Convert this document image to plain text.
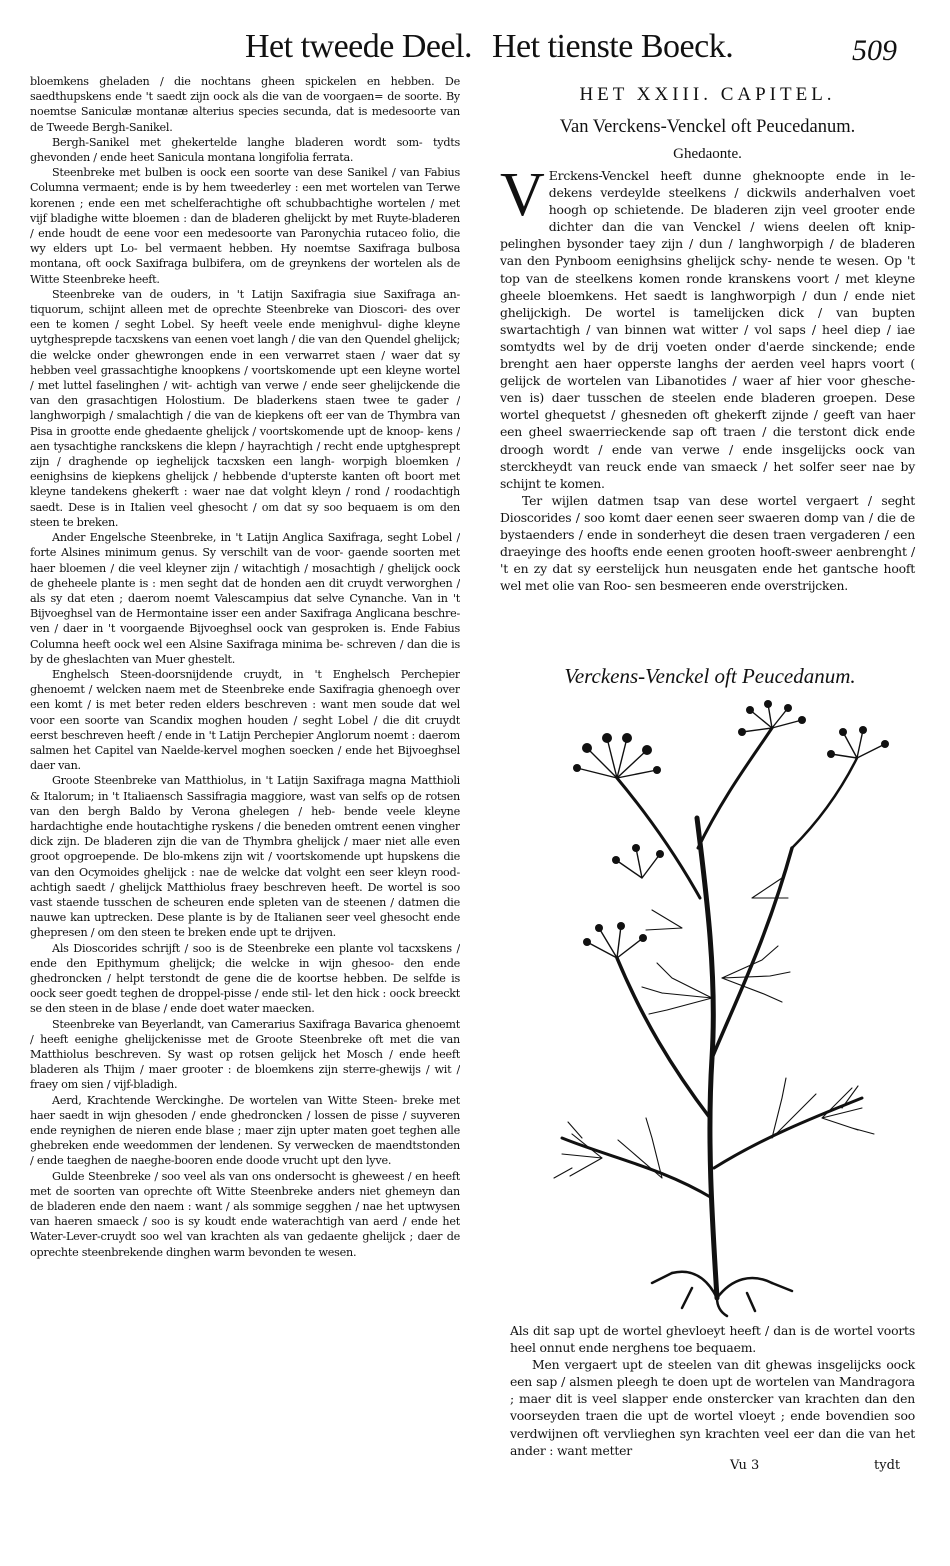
Het tweede Deel. Het tienste Boeck.	509

bloemkens gheladen / die nochtans gheen spickelen en hebben. De saedthupskens ende 't saedt zijn oock als die van de voorgaen= de soorte. By noemtse Saniculæ montanæ alterius species secunda, dat is medesoorte van de Tweede Bergh-Sanikel.

Bergh-Sanikel met ghekertelde langhe bladeren wordt som- tydts ghevonden / ende heet Sanicula montana longifolia ferrata.

Steenbreke met bulben is oock een soorte van dese Sanikel / van Fabius Columna vermaent; ende is by hem tweederley : een met wortelen van Terwe korenen ; ende een met schelferachtighe oft schubbachtighe wortelen / met vijf bladighe witte bloemen : dan de bladeren ghelijckt by met Ruyte-bladeren / ende houdt de eene voor een medesoorte van Paronychia rutaceo folio, die wy elders upt Lo- bel vermaent hebben. Hy noemtse Saxifraga bulbosa montana, oft oock Saxifraga bulbifera, om de greynkens der wortelen als de Witte Steenbreke heeft.

Steenbreke van de ouders, in 't Latijn Saxifragia siue Saxifraga an- tiquorum, schijnt alleen met de oprechte Steenbreke van Dioscori- des over een te komen / seght Lobel. Sy heeft veele ende menighvul- dighe kleyne uytghesprepde tacxskens van eenen voet langh / die van den Quendel ghelijck; die welcke onder ghewrongen ende in een verwarret staen / waer dat sy hebben veel grassachtighe knoopkens / voortskomende upt een kleyne wortel / met luttel faselinghen / wit- achtigh van verwe / ende seer ghelijckende die van den grasachtigen Holostium. De bladerkens staen twee te gader / langhworpigh / smalachtigh / die van de kiepkens oft eer van de Thymbra van Pisa in grootte ende ghedaente ghelijck / voortskomende upt de knoop- kens / aen tysachtighe ranckskens die klepn / hayrachtigh / recht ende uptghesprept zijn / draghende op ieghelijck tacxsken een langh- worpigh bloemken / eenighsins de kiepkens ghelijck / hebbende d'upterste kanten oft boort met kleyne tandekens ghekerft : waer nae dat volght kleyn / rond / roodachtigh saedt. Dese is in Italien veel ghesocht / om dat sy soo bequaem is om den steen te breken.

Ander Engelsche Steenbreke, in 't Latijn Anglica Saxifraga, seght Lobel / forte Alsines minimum genus. Sy verschilt van de voor- gaende soorten met haer bloemen / die veel kleyner zijn / witachtigh / mosachtigh / ghelijck oock de gheheele plante is : men seght dat de honden aen dit cruydt verworghen / als sy dat eten ; daerom noemt Valescampius dat selve Cynanche. Van in 't Bijvoeghsel van de Hermontaine isser een ander Saxifraga Anglicana beschre- ven / daer in 't voorgaende Bijvoeghsel oock van gesproken is. Ende Fabius Columna heeft oock wel een Alsine Saxifraga minima be- schreven / dan die is by de gheslachten van Muer ghestelt.

Enghelsch Steen-doorsnijdende cruydt, in 't Enghelsch Perchepier ghenoemt / welcken naem met de Steenbreke ende Saxifragia ghenoegh over een komt / is met beter reden elders beschreven : want men soude dat wel voor een soorte van Scandix moghen houden / seght Lobel / die dit cruydt eerst beschreven heeft / ende in 't Latijn Perchepier Anglorum noemt : daerom salmen het Capitel van Naelde-kervel moghen soecken / ende het Bijvoeghsel daer van.

Groote Steenbreke van Matthiolus, in 't Latijn Saxifraga magna Matthioli & Italorum; in 't Italiaensch Sassifragia maggiore, wast van selfs op de rotsen van den bergh Baldo by Verona ghelegen / heb- bende veele kleyne hardachtighe ende houtachtighe ryskens / die beneden omtrent eenen vingher dick zijn. De bladeren zijn die van de Thymbra ghelijck / maer niet alle even groot opgroepende. De blo-mkens zijn wit / voortskomende upt hupskens die van den Ocymoides ghelijck : nae de welcke dat volght een seer kleyn rood- achtigh saedt / ghelijck Matthiolus fraey beschreven heeft. De wortel is soo vast staende tusschen de scheuren ende spleten van de steenen / datmen die nauwe kan uptrecken. Dese plante is by de Italianen seer veel ghesocht ende ghepresen / om den steen te breken ende upt te drijven.

Als Dioscorides schrijft / soo is de Steenbreke een plante vol tacxskens / ende den Epithymum ghelijck; die welcke in wijn ghesoo- den ende ghedroncken / helpt terstondt de gene die de koortse hebben. De selfde is oock seer goedt teghen de droppel-pisse / ende stil- let den hick : oock breeckt se den steen in de blase / ende doet water maecken.

Steenbreke van Beyerlandt, van Camerarius Saxifraga Bavarica ghenoemt / heeft eenighe ghelijckenisse met de Groote Steenbreke oft met die van Matthiolus beschreven. Sy wast op rotsen gelijck het Mosch / ende heeft bladeren als Thijm / maer grooter : de bloemkens zijn sterre-ghewijs / wit / fraey om sien / vijf-bladigh.

Aerd, Krachtende Werckinghe. De wortelen van Witte Steen- breke met haer saedt in wijn ghesoden / ende ghedroncken / lossen de pisse / suyveren ende reynighen de nieren ende blase ; maer zijn upter maten goet teghen alle ghebreken ende weedommen der lendenen. Sy verwecken de maendtstonden / ende taeghen de naeghe-booren ende doode vrucht upt den lyve.

Gulde Steenbreke / soo veel als van ons ondersocht is gheweest / en heeft met de soorten van oprechte oft Witte Steenbreke anders niet ghemeyn dan de bladeren ende den naem : want / als sommige segghen / nae het uptwysen van haeren smaeck / soo is sy koudt ende waterachtigh van aerd / ende het Water-Lever-cruydt soo wel van krachten als van gedaente ghelijck ; daer de oprechte steenbrekende dinghen warm bevonden te wesen.

HET XXIII. CAPITEL.

Van Verckens-Venckel oft Peucedanum.

Ghedaonte.

V Erckens-Venckel heeft dunne gheknoopte ende in le- dekens verdeylde steelkens / dickwils anderhalven voet hoogh op schietende. De bladeren zijn veel grooter ende dichter dan die van Venckel / wiens deelen oft knip- pelinghen bysonder taey zijn / dun / langhworpigh / de bladeren van den Pynboom eenighsins ghelijck schy- nende te wesen. Op 't top van de steelkens komen ronde kranskens voort / met kleyne gheele bloemkens. Het saedt is langhworpigh / dun / ende niet ghelijckigh. De wortel is tamelijcken dick / van bupten swartachtigh / van binnen wat witter / vol saps / heel diep / iae somtydts wel by de drij voeten onder d'aerde sinckende; ende brenght aen haer opperste langhs der aerden veel haprs voort ( gelijck de wortelen van Libanotides / waer af hier voor ghesche- ven is) daer tusschen de steelen ende bladeren groepen. Dese wortel ghequetst / ghesneden oft ghekerft zijnde / geeft van haer een gheel swaerrieckende sap oft traen / die terstont dick ende droogh wordt / ende van verwe / ende insgelijcks oock van sterckheydt van reuck ende van smaeck / het solfer seer nae by schijnt te komen.

Ter wijlen datmen tsap van dese wortel vergaert / seght Dioscorides / soo komt daer eenen seer swaeren domp van / die de bystaenders / ende in sonderheyt die desen traen vergaderen / een draeyinge des hoofts ende eenen grooten hooft-sweer aenbrenght / 't en zy dat sy eerstelijck hun neusgaten ende het gantsche hooft wel met olie van Roo- sen besmeeren ende overstrijcken.

Verckens-Venckel oft Peucedanum.

Als dit sap upt de wortel ghevloeyt heeft / dan is de wortel voorts heel onnut ende nerghens toe bequaem.

Men vergaert upt de steelen van dit ghewas insgelijcks oock een sap / alsmen pleegh te doen upt de wortelen van Mandragora ; maer dit is veel slapper ende onstercker van krachten dan den voorseyden traen die upt de wortel vloeyt ; ende bovendien soo verdwijnen oft vervlieghen syn krachten veel eer dan die van het ander : want metter

Vu 3	tydt
